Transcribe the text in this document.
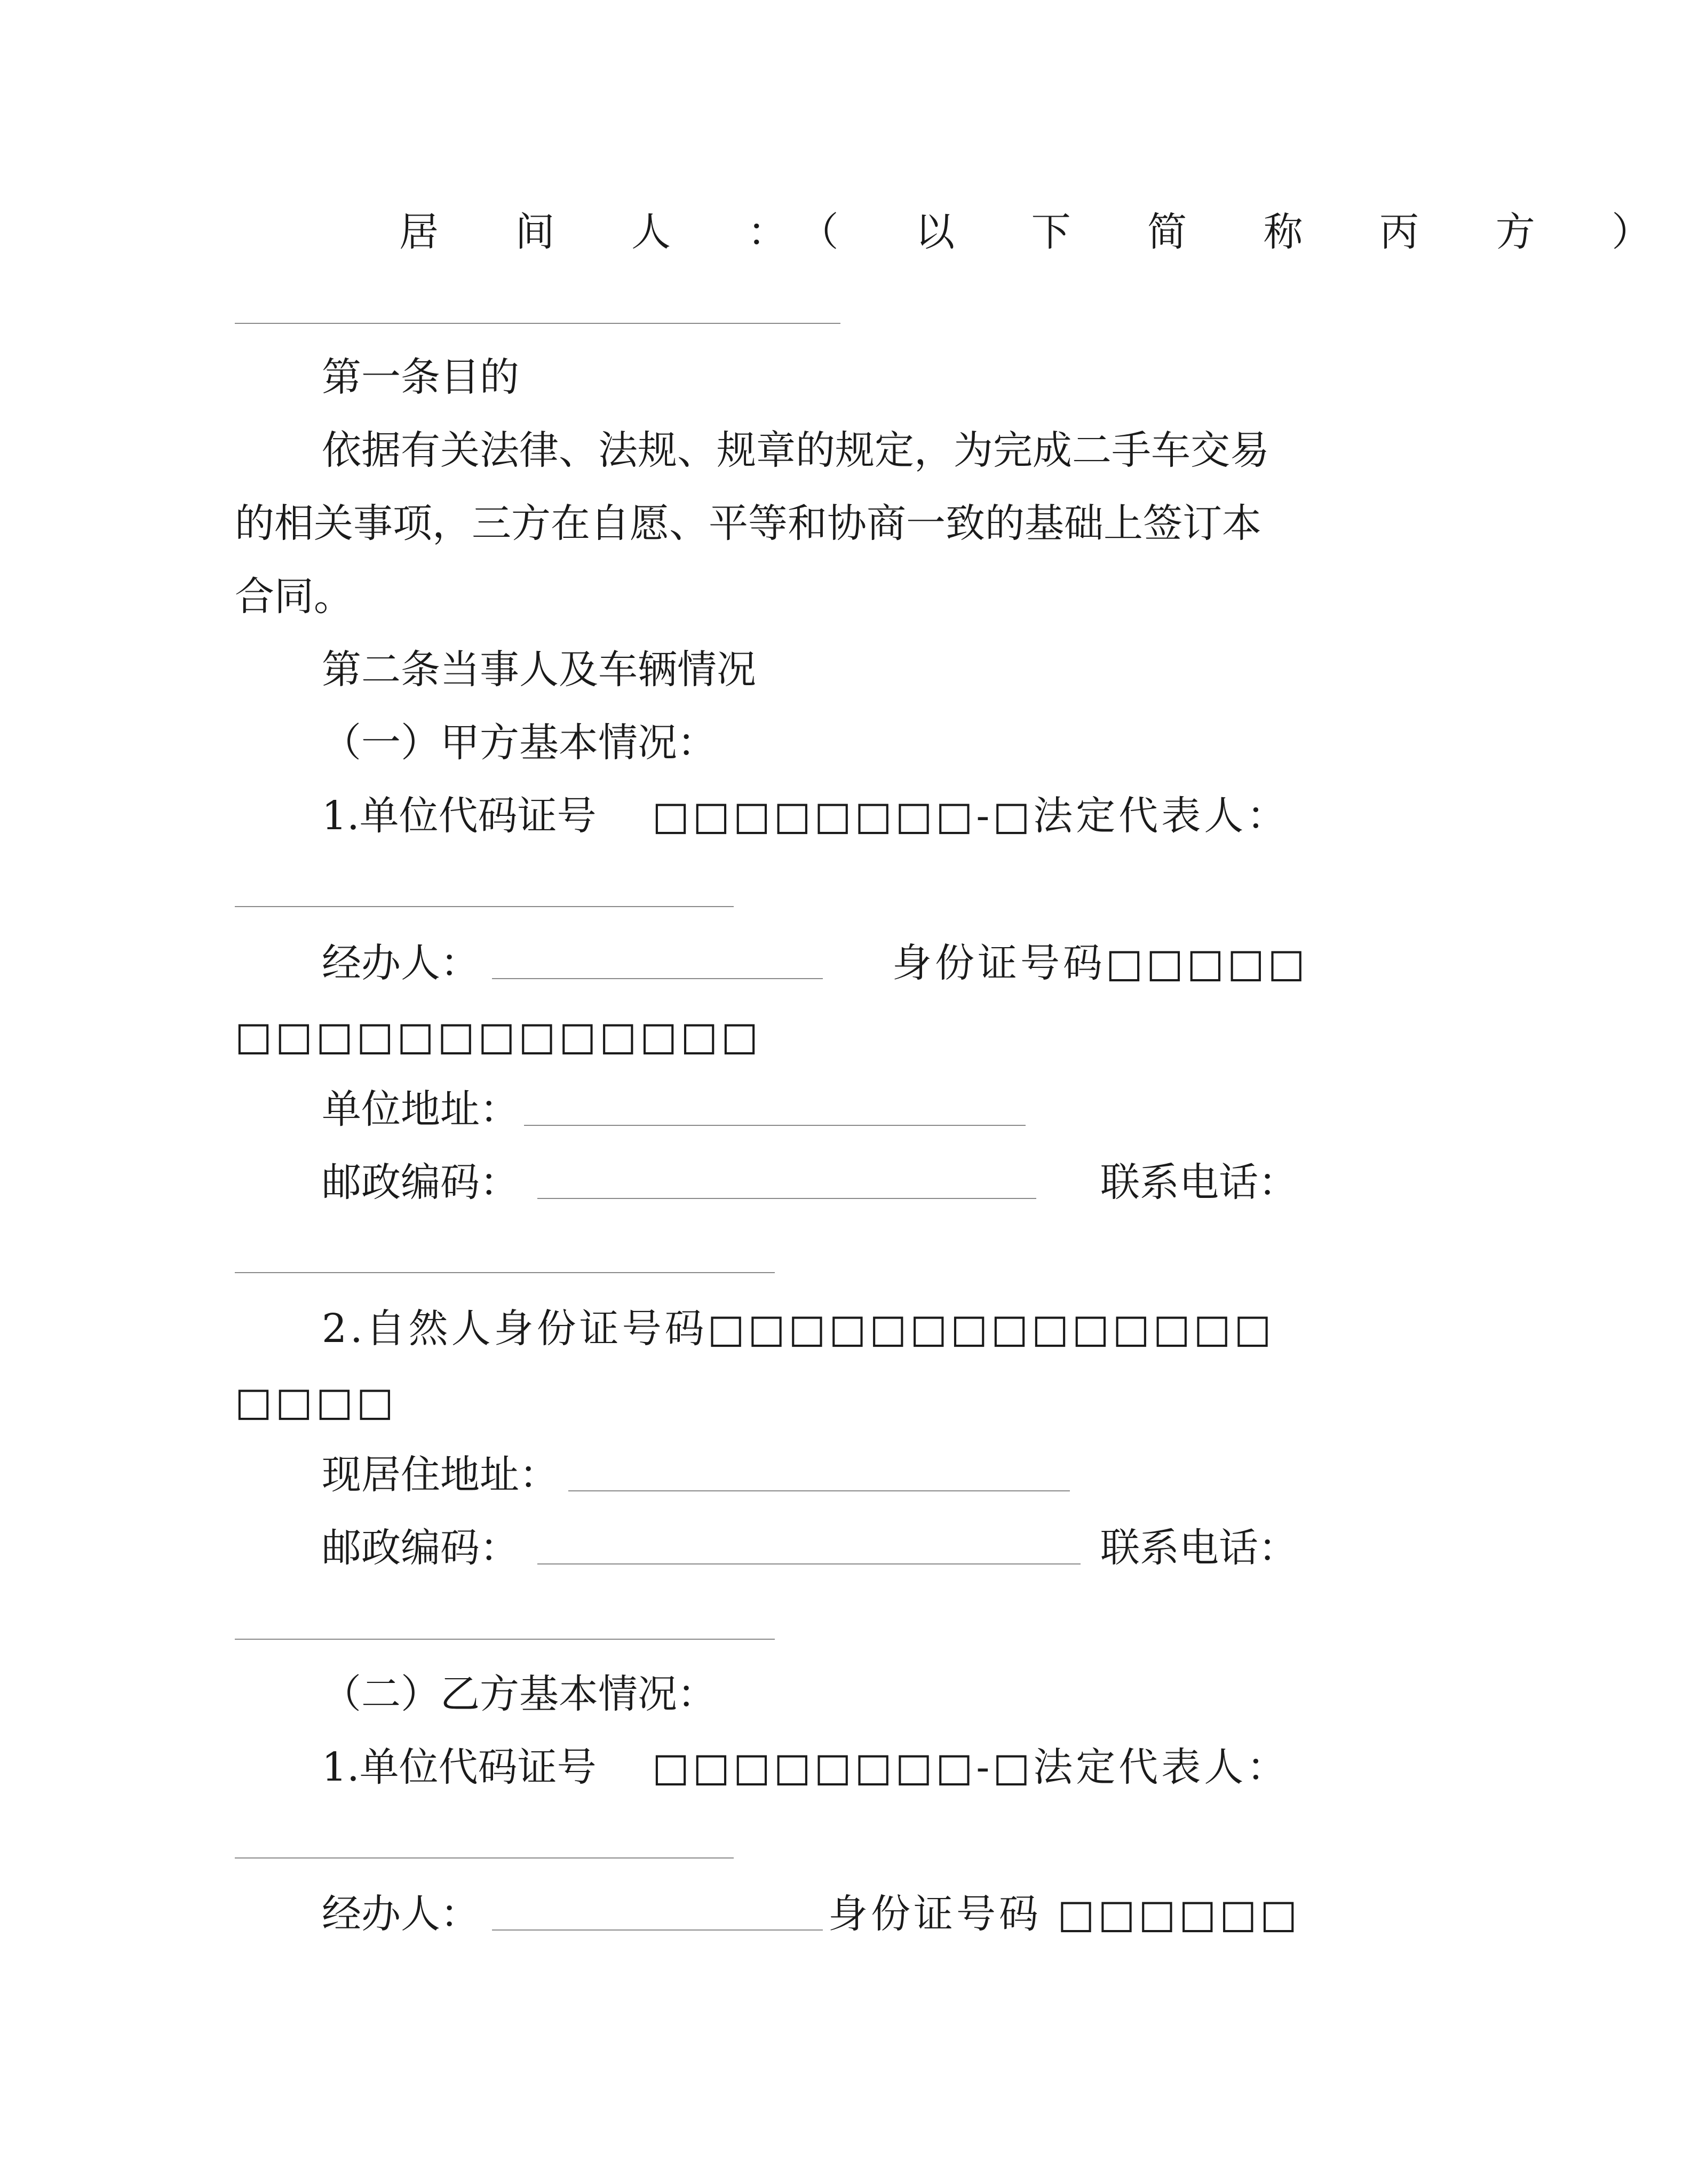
居 间 人 ：（ 以 下 简 称 丙 方 ）
第一条目的
依据有关法律、法规、规章的规定，为完成二手车交易
的相关事项，三方在自愿、平等和协商一致的基础上签订本
合同。
第二条当事人及车辆情况
（一）甲方基本情况：
1.单位代码证号 □□□□□□□□-□法定代表人：
经办人：	身份证号码□□□□□
□□□□□□□□□□□□□
单位地址：
邮政编码：	联系电话：
2.自然人身份证号码□□□□□□□□□□□□□□
□□□□
现居住地址：
邮政编码：	联系电话：
（二）乙方基本情况：
1.单位代码证号 □□□□□□□□-□法定代表人：
经办人：	身份证号码 □□□□□□
